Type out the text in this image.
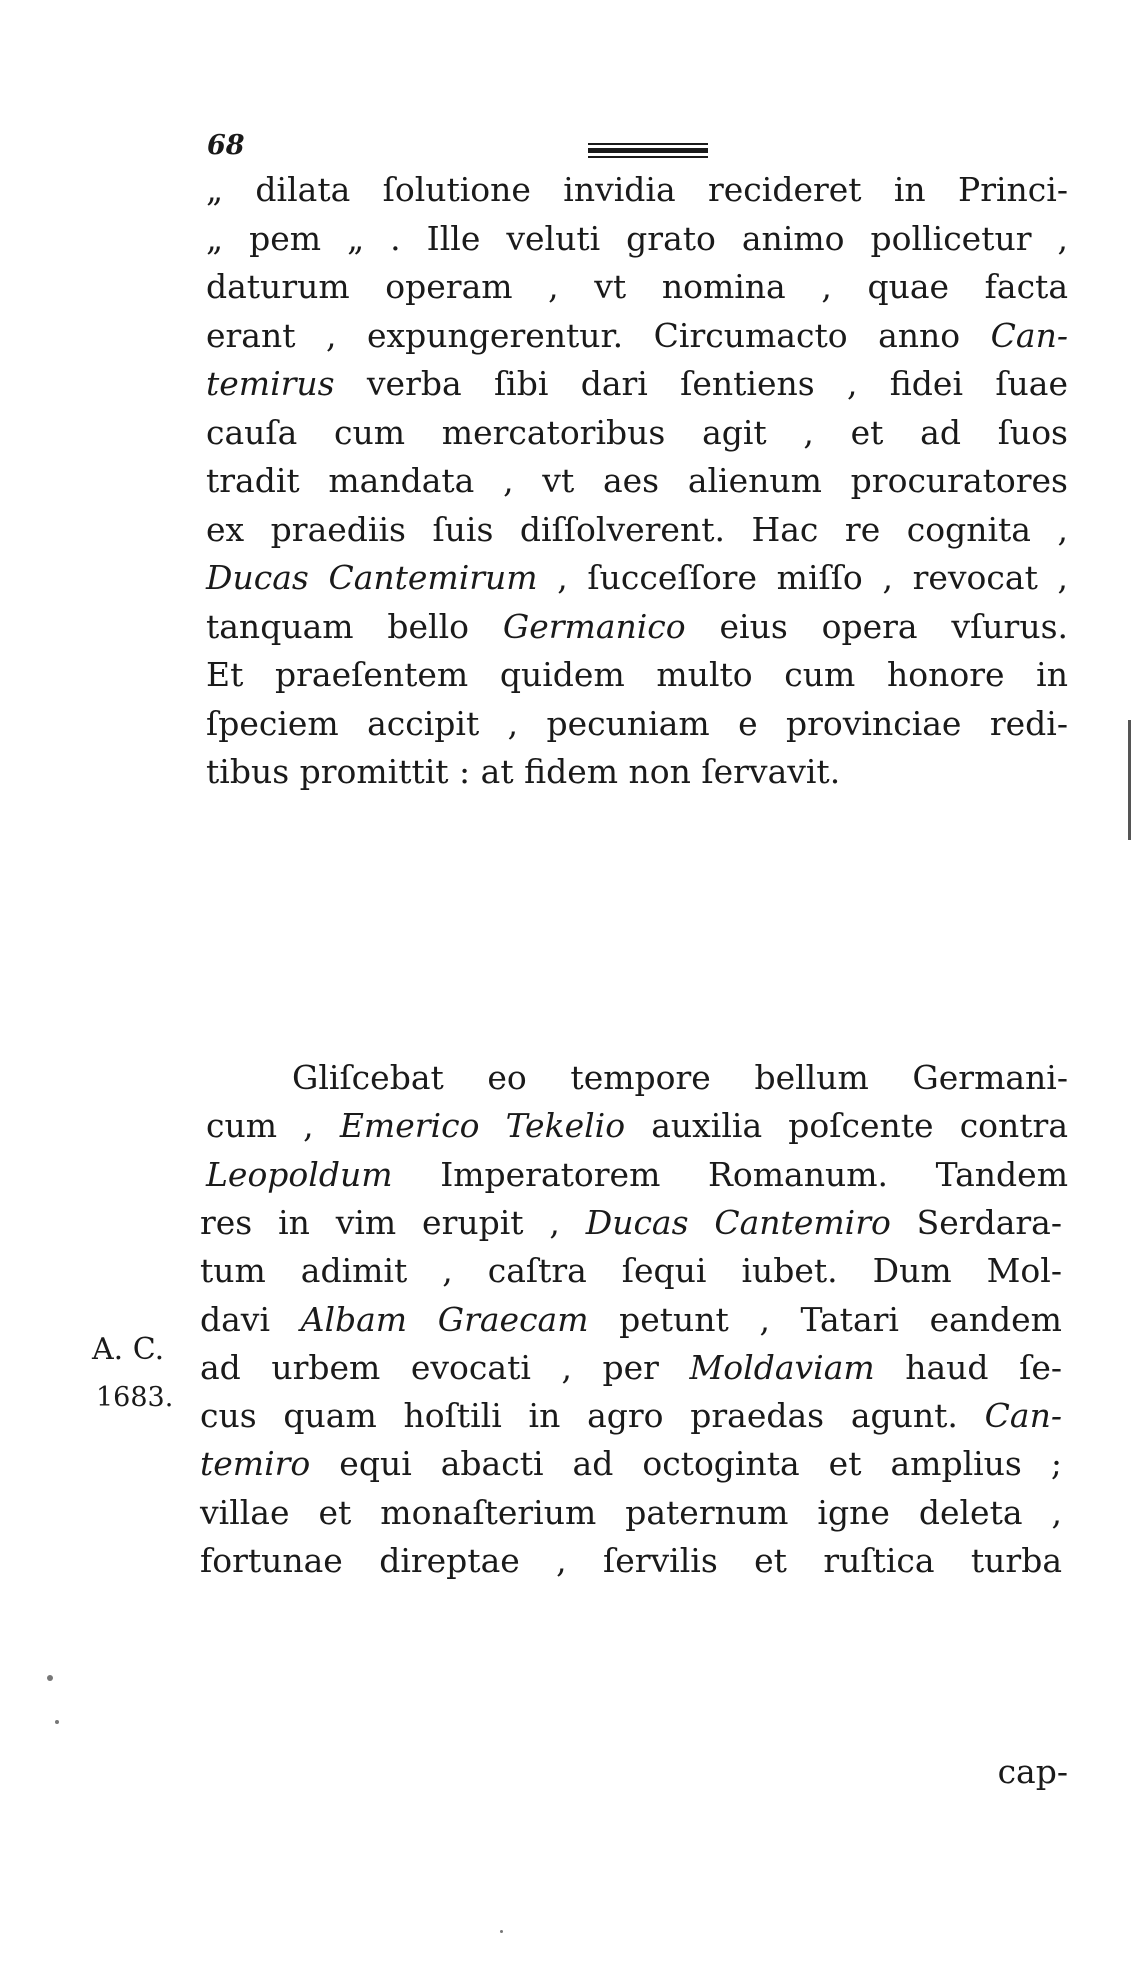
68
„ dilata ſolutione invidia recideret in Princi-
„ pem „ . Ille veluti grato animo pollicetur ,
daturum operam , vt nomina , quae facta
erant , expungerentur. Circumacto anno Can-
temirus verba ſibi dari ſentiens , fidei ſuae
cauſa cum mercatoribus agit , et ad ſuos
tradit mandata , vt aes alienum procuratores
ex praediis ſuis diſſolverent. Hac re cognita ,
Ducas Cantemirum , ſucceſſore miſſo , revocat ,
tanquam bello Germanico eius opera vſurus.
Et praeſentem quidem multo cum honore in
ſpeciem accipit , pecuniam e provinciae redi-
tibus promittit : at fidem non ſervavit.
Gliſcebat eo tempore bellum Germani-
cum , Emerico Tekelio auxilia poſcente contra
Leopoldum Imperatorem Romanum. Tandem
res in vim erupit , Ducas Cantemiro Serdara-
tum adimit , caſtra ſequi iubet. Dum Mol-
davi Albam Graecam petunt , Tatari eandem
ad urbem evocati , per Moldaviam haud ſe-
cus quam hoſtili in agro praedas agunt. Can-
temiro equi abacti ad octoginta et amplius ;
villae et monaſterium paternum igne deleta ,
fortunae direptae , ſervilis et ruſtica turba
A. C.
1683.
cap-
